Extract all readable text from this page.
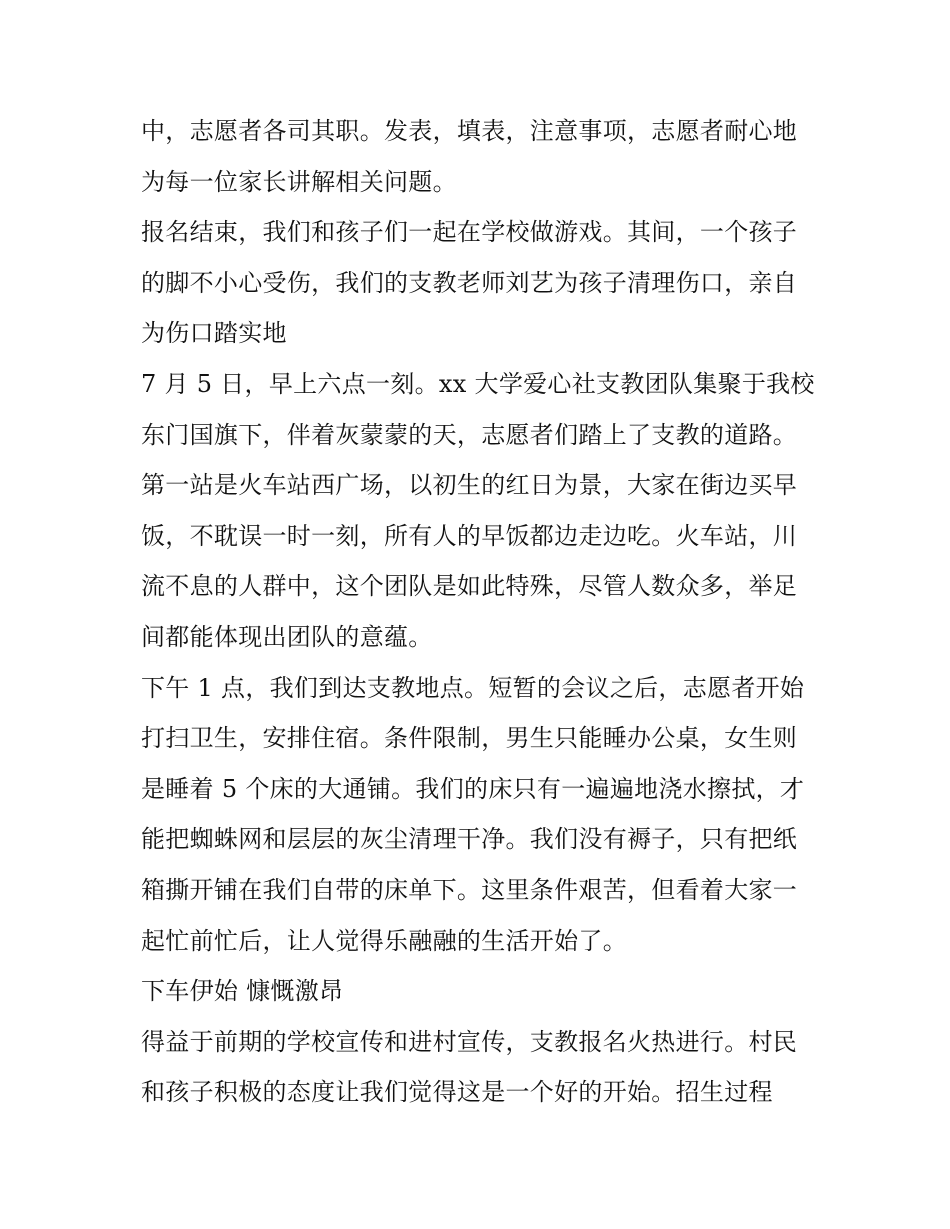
中，志愿者各司其职。发表，填表，注意事项，志愿者耐心地
为每一位家长讲解相关问题。

报名结束，我们和孩子们一起在学校做游戏。其间，一个孩子
的脚不小心受伤，我们的支教老师刘艺为孩子清理伤口，亲自
为伤口踏实地

7 月 5 日，早上六点一刻。xx 大学爱心社支教团队集聚于我校
东门国旗下，伴着灰蒙蒙的天，志愿者们踏上了支教的道路。
第一站是火车站西广场，以初生的红日为景，大家在街边买早
饭，不耽误一时一刻，所有人的早饭都边走边吃。火车站，川
流不息的人群中，这个团队是如此特殊，尽管人数众多，举足
间都能体现出团队的意蕴。

下午 1 点，我们到达支教地点。短暂的会议之后，志愿者开始
打扫卫生，安排住宿。条件限制，男生只能睡办公桌，女生则
是睡着 5 个床的大通铺。我们的床只有一遍遍地浇水擦拭，才
能把蜘蛛网和层层的灰尘清理干净。我们没有褥子，只有把纸
箱撕开铺在我们自带的床单下。这里条件艰苦，但看着大家一
起忙前忙后，让人觉得乐融融的生活开始了。

下车伊始 慷慨激昂

得益于前期的学校宣传和进村宣传，支教报名火热进行。村民
和孩子积极的态度让我们觉得这是一个好的开始。招生过程
